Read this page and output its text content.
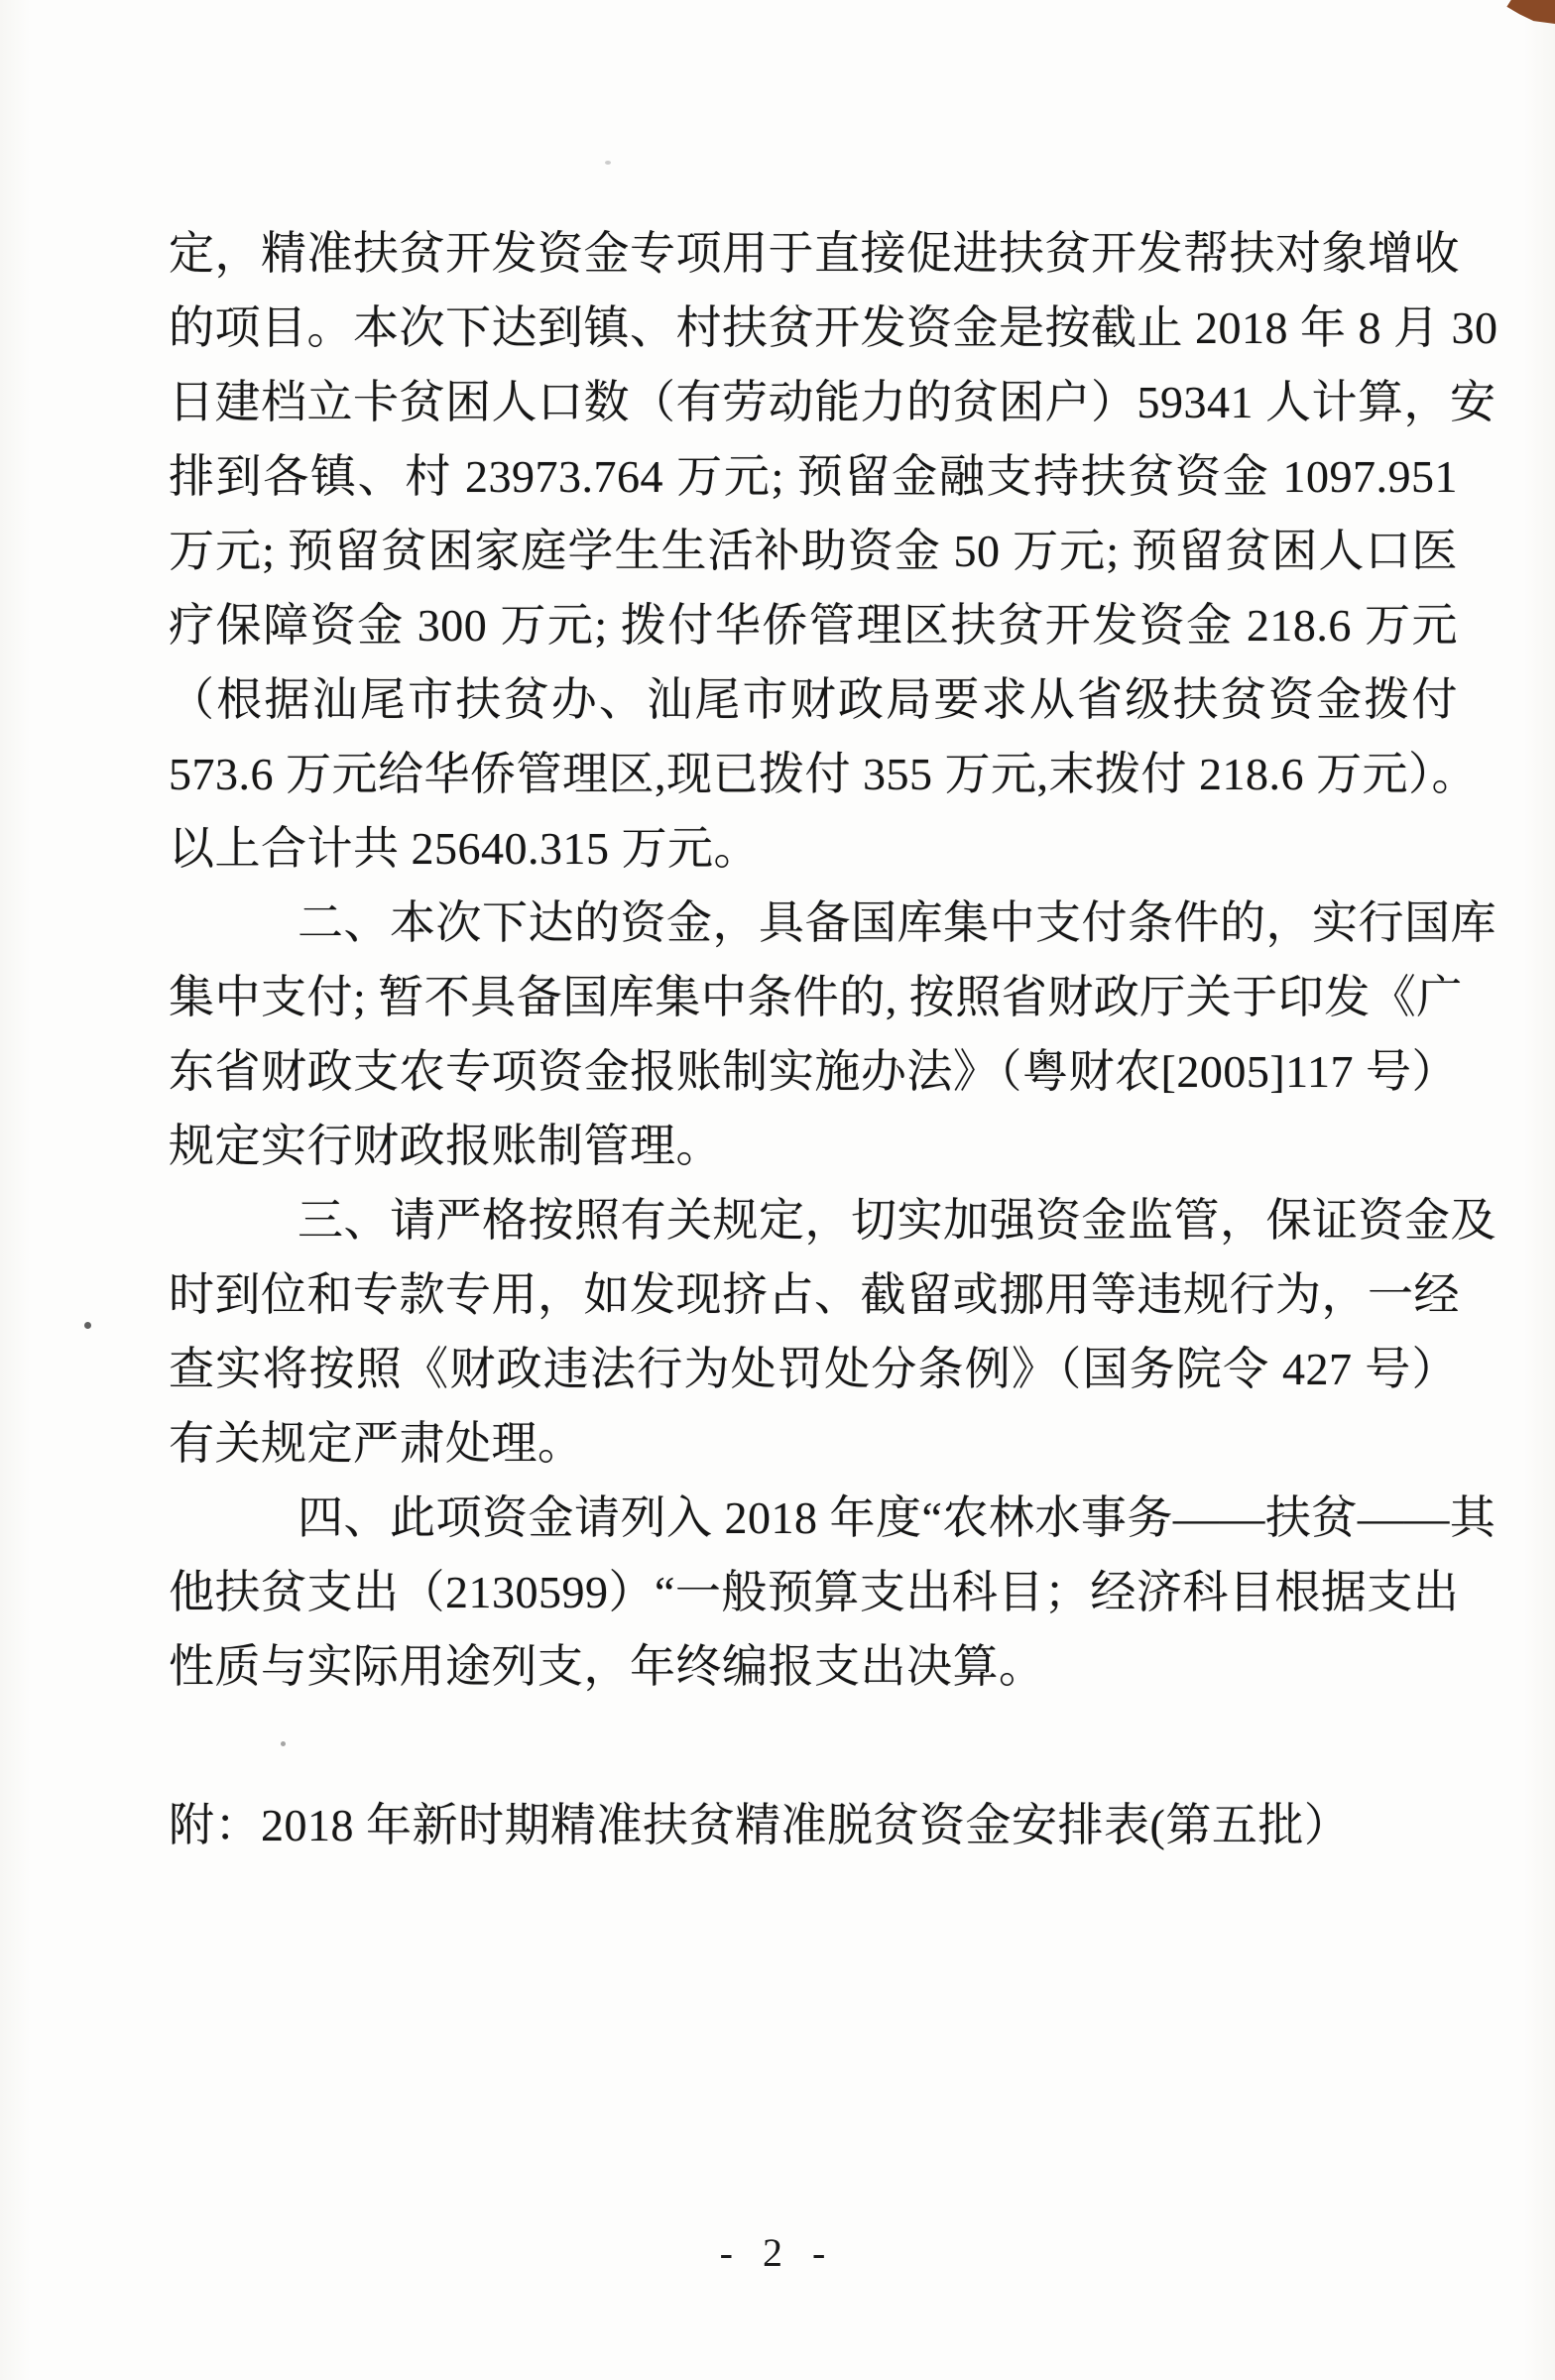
定，精准扶贫开发资金专项用于直接促进扶贫开发帮扶对象增收
的项目。本次下达到镇、村扶贫开发资金是按截止 2018 年 8 月 30
日建档立卡贫困人口数（有劳动能力的贫困户）59341 人计算，安
排到各镇、村 23973.764 万元; 预留金融支持扶贫资金 1097.951
万元; 预留贫困家庭学生生活补助资金 50 万元; 预留贫困人口医
疗保障资金 300 万元; 拨付华侨管理区扶贫开发资金 218.6 万元
（根据汕尾市扶贫办、汕尾市财政局要求从省级扶贫资金拨付
573.6 万元给华侨管理区,现已拨付 355 万元,末拨付 218.6 万元）。
以上合计共 25640.315 万元。
二、本次下达的资金，具备国库集中支付条件的，实行国库
集中支付; 暂不具备国库集中条件的, 按照省财政厅关于印发《广
东省财政支农专项资金报账制实施办法》（粤财农[2005]117 号）
规定实行财政报账制管理。
三、请严格按照有关规定，切实加强资金监管，保证资金及
时到位和专款专用，如发现挤占、截留或挪用等违规行为，一经
查实将按照《财政违法行为处罚处分条例》（国务院令 427 号）
有关规定严肃处理。
四、此项资金请列入 2018 年度“农林水事务——扶贫——其
他扶贫支出（2130599）“一般预算支出科目；经济科目根据支出
性质与实际用途列支，年终编报支出决算。
附：2018 年新时期精准扶贫精准脱贫资金安排表(第五批）
- 2 -
